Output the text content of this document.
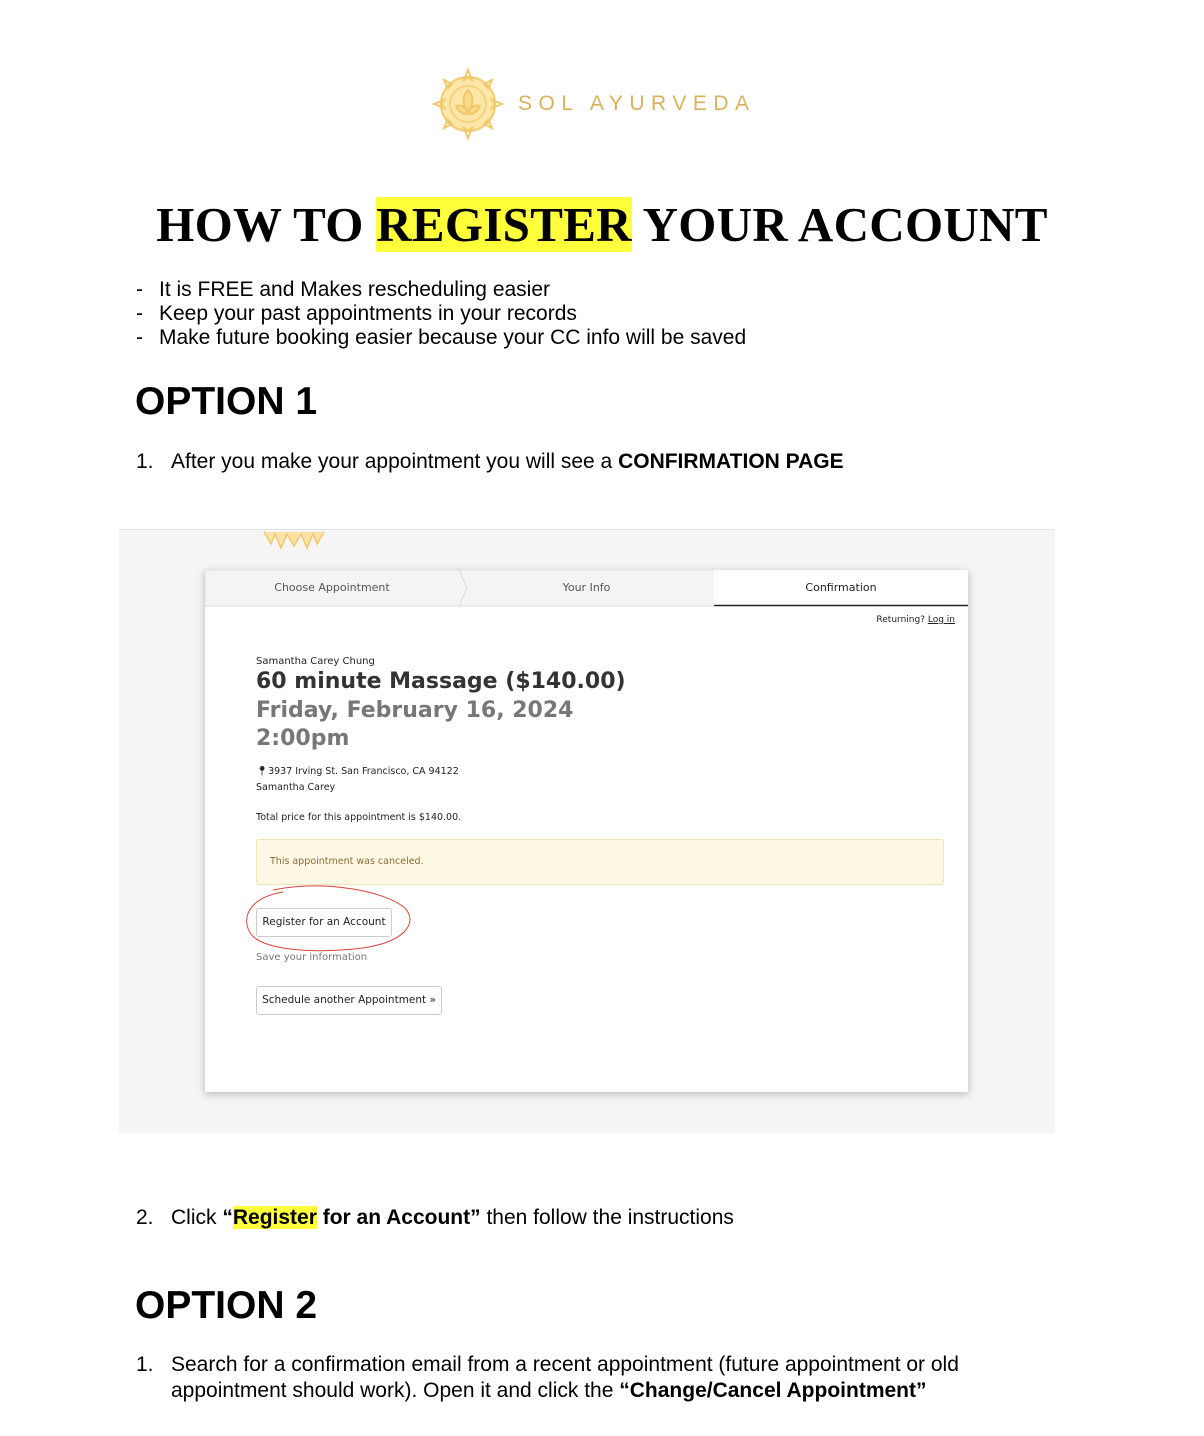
SOL AYURVEDA
HOW TO REGISTER YOUR ACCOUNT
- It is FREE and Makes rescheduling easier
- Keep your past appointments in your records
- Make future booking easier because your CC info will be saved
OPTION 1
1. After you make your appointment you will see a CONFIRMATION PAGE
Choose Appointment	Your Info	Confirmation
Returning? Log in
Samantha Carey Chung
60 minute Massage ($140.00)
Friday, February 16, 2024
2:00pm
📍︎3937 Irving St. San Francisco, CA 94122
Samantha Carey
Total price for this appointment is $140.00.
This appointment was canceled.
Register for an Account
Save your information
Schedule another Appointment »
2. Click “Register for an Account” then follow the instructions
OPTION 2
1. Search for a confirmation email from a recent appointment (future appointment or old
appointment should work). Open it and click the “Change/Cancel Appointment”
